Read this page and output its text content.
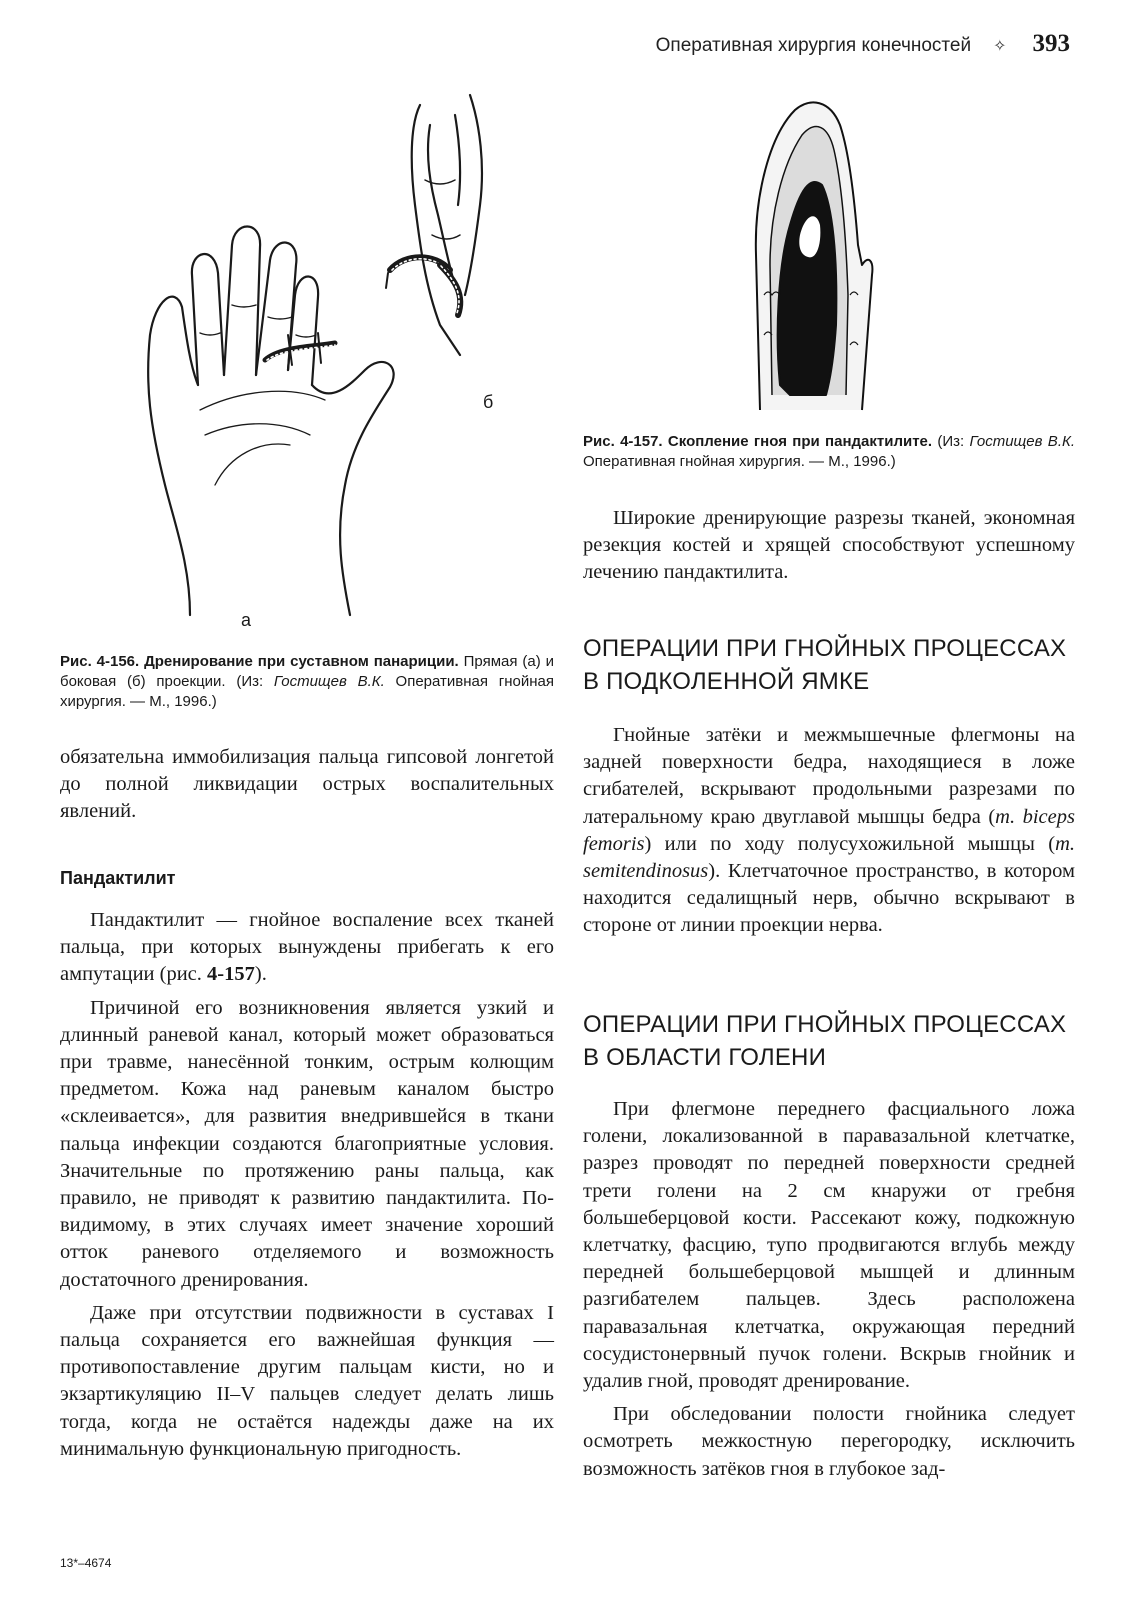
Оперативная хирургия конечностей ✧ 393
б
а

Рис. 4-157. Скопление гноя при пандактилите. (Из: Гостищев В.К. Оперативная гнойная хирургия. — М., 1996.)

Широкие дренирующие разрезы тканей, экономная резекция костей и хрящей способствуют успешному лечению пандактилита.

ОПЕРАЦИИ ПРИ ГНОЙНЫХ ПРОЦЕССАХ В ПОДКОЛЕННОЙ ЯМКЕ

Гнойные затёки и межмышечные флегмоны на задней поверхности бедра, находящиеся в ложе сгибателей, вскрывают продольными разрезами по латеральному краю двуглавой мышцы бедра (m. biceps femoris) или по ходу полусухожильной мышцы (m. semitendinosus). Клетчаточное пространство, в котором находится седалищный нерв, обычно вскрывают в стороне от линии проекции нерва.

ОПЕРАЦИИ ПРИ ГНОЙНЫХ ПРОЦЕССАХ В ОБЛАСТИ ГОЛЕНИ

При флегмоне переднего фасциального ложа голени, локализованной в паравазальной клетчатке, разрез проводят по передней поверхности средней трети голени на 2 см кнаружи от гребня большеберцовой кости. Рассекают кожу, подкожную клетчатку, фасцию, тупо продвигаются вглубь между передней большеберцовой мышцей и длинным разгибателем пальцев. Здесь расположена паравазальная клетчатка, окружающая передний сосудистонервный пучок голени. Вскрыв гнойник и удалив гной, проводят дренирование.

При обследовании полости гнойника следует осмотреть межкостную перегородку, исключить возможность затёков гноя в глубокое зад-

Рис. 4-156. Дренирование при суставном панариции. Прямая (а) и боковая (б) проекции. (Из: Гостищев В.К. Оперативная гнойная хирургия. — М., 1996.)

обязательна иммобилизация пальца гипсовой лонгетой до полной ликвидации острых воспалительных явлений.

Пандактилит

Пандактилит — гнойное воспаление всех тканей пальца, при которых вынуждены прибегать к его ампутации (рис. 4-157).

Причиной его возникновения является узкий и длинный раневой канал, который может образоваться при травме, нанесённой тонким, острым колющим предметом. Кожа над раневым каналом быстро «склеивается», для развития внедрившейся в ткани пальца инфекции создаются благоприятные условия. Значительные по протяжению раны пальца, как правило, не приводят к развитию пандактилита. По-видимому, в этих случаях имеет значение хороший отток раневого отделяемого и возможность достаточного дренирования.

Даже при отсутствии подвижности в суставах I пальца сохраняется его важнейшая функция —противопоставление другим пальцам кисти, но и экзартикуляцию II–V пальцев следует делать лишь тогда, когда не остаётся надежды даже на их минимальную функциональную пригодность.

13*–4674
